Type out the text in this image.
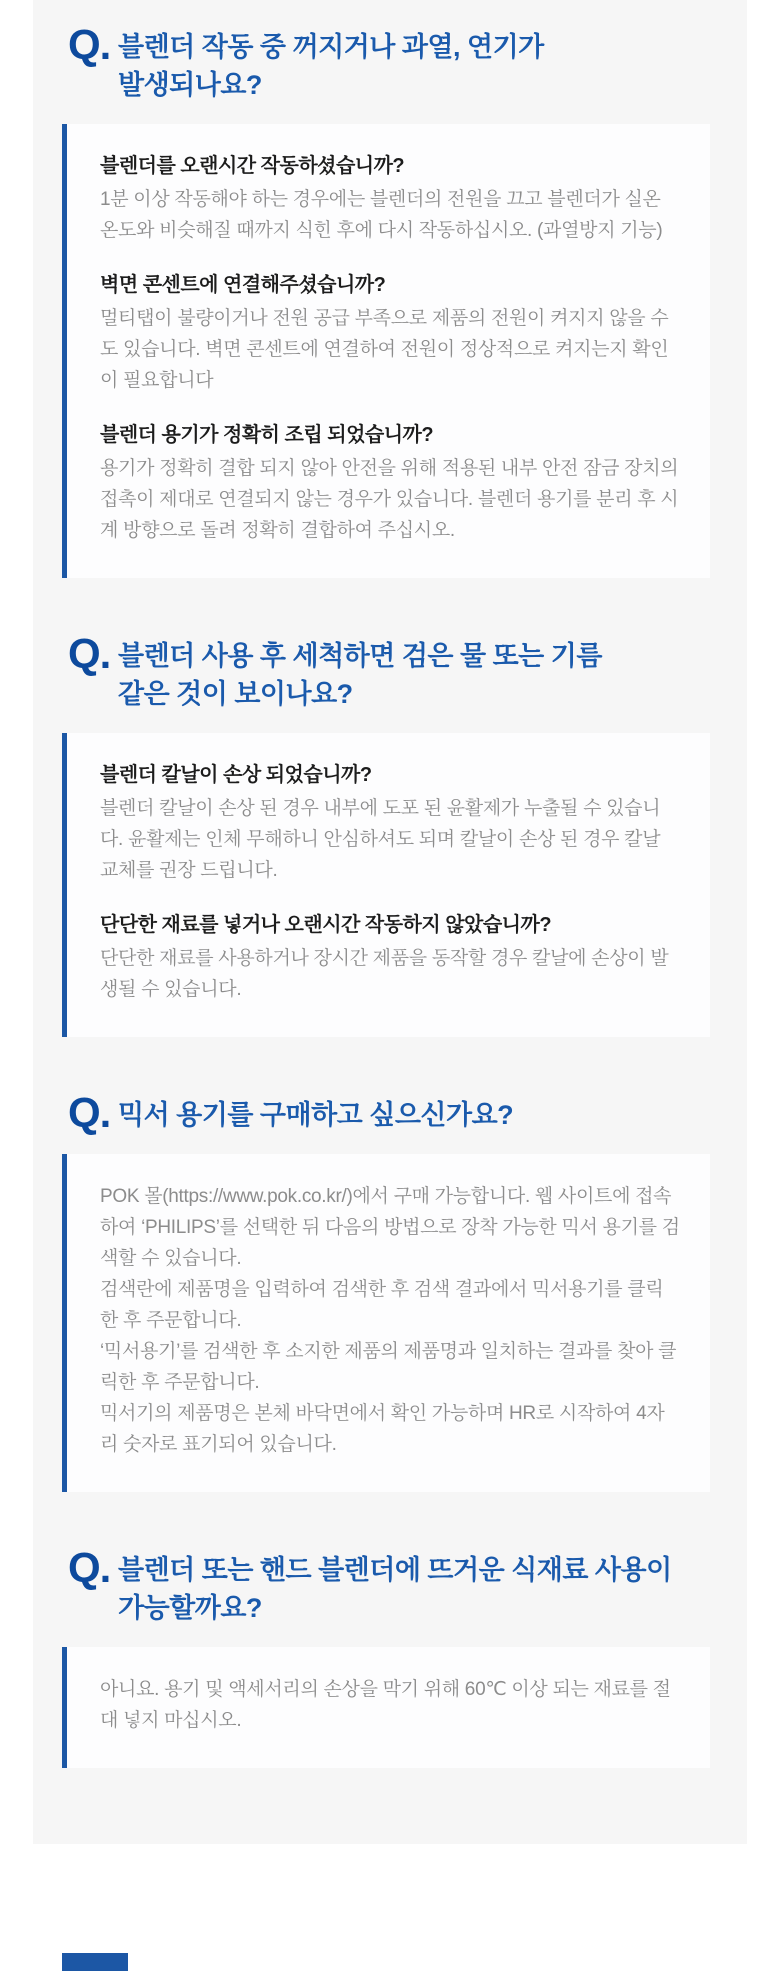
Q. 블렌더 작동 중 꺼지거나 과열, 연기가
발생되나요?
블렌더를 오랜시간 작동하셨습니까?

1분 이상 작동해야 하는 경우에는 블렌더의 전원을 끄고 블렌더가 실온 온도와 비슷해질 때까지 식힌 후에 다시 작동하십시오. (과열방지 기능)

벽면 콘센트에 연결해주셨습니까?

멀티탭이 불량이거나 전원 공급 부족으로 제품의 전원이 켜지지 않을 수도 있습니다. 벽면 콘센트에 연결하여 전원이 정상적으로 켜지는지 확인이 필요합니다

블렌더 용기가 정확히 조립 되었습니까?

용기가 정확히 결합 되지 않아 안전을 위해 적용된 내부 안전 잠금 장치의 접촉이 제대로 연결되지 않는 경우가 있습니다. 블렌더 용기를 분리 후 시계 방향으로 돌려 정확히 결합하여 주십시오.

Q. 블렌더 사용 후 세척하면 검은 물 또는 기름
같은 것이 보이나요?
블렌더 칼날이 손상 되었습니까?

블렌더 칼날이 손상 된 경우 내부에 도포 된 윤활제가 누출될 수 있습니다. 윤활제는 인체 무해하니 안심하셔도 되며 칼날이 손상 된 경우 칼날 교체를 권장 드립니다.

단단한 재료를 넣거나 오랜시간 작동하지 않았습니까?

단단한 재료를 사용하거나 장시간 제품을 동작할 경우 칼날에 손상이 발생될 수 있습니다.

Q. 믹서 용기를 구매하고 싶으신가요?

POK 몰(https://www.pok.co.kr/)에서 구매 가능합니다. 웹 사이트에 접속하여 ‘PHILIPS’를 선택한 뒤 다음의 방법으로 장착 가능한 믹서 용기를 검색할 수 있습니다.

검색란에 제품명을 입력하여 검색한 후 검색 결과에서 믹서용기를 클릭한 후 주문합니다.

‘믹서용기’를 검색한 후 소지한 제품의 제품명과 일치하는 결과를 찾아 클릭한 후 주문합니다.

믹서기의 제품명은 본체 바닥면에서 확인 가능하며 HR로 시작하여 4자리 숫자로 표기되어 있습니다.

Q. 블렌더 또는 핸드 블렌더에 뜨거운 식재료 사용이
가능할까요?

아니요. 용기 및 액세서리의 손상을 막기 위해 60℃ 이상 되는 재료를 절대 넣지 마십시오.
